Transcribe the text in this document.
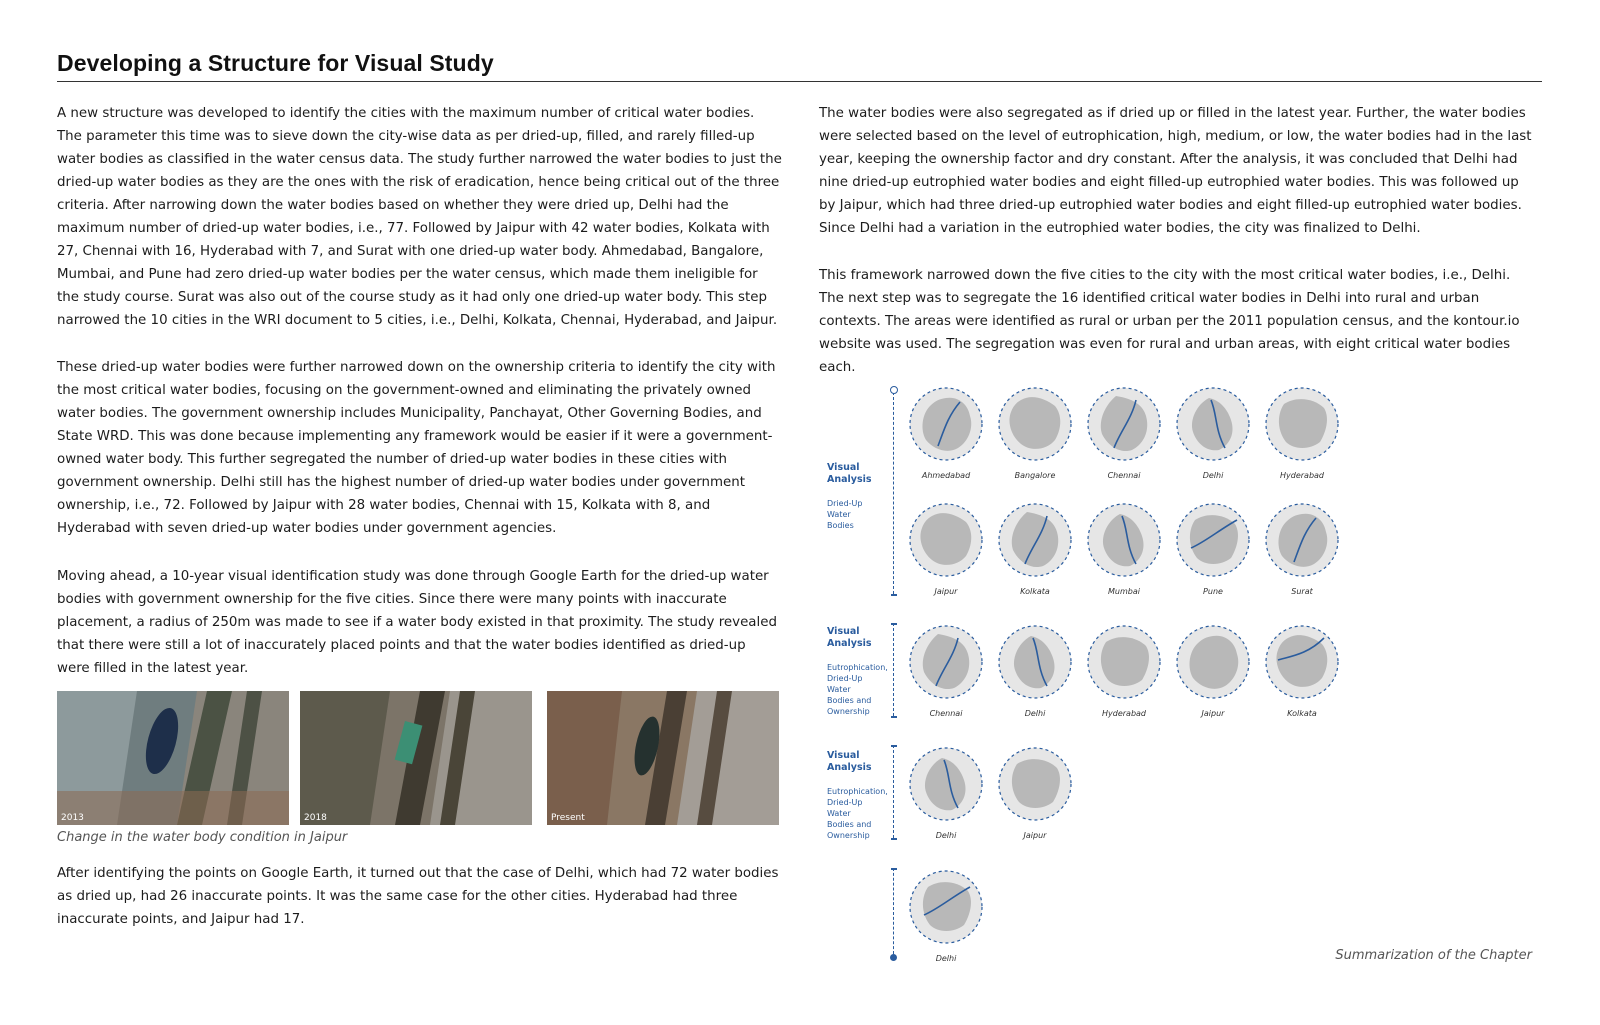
Developing a Structure for Visual Study

A new structure was developed to identify the cities with the maximum number of critical water bodies. The parameter this time was to sieve down the city-wise data as per dried-up, filled, and rarely filled-up water bodies as classified in the water census data. The study further narrowed the water bodies to just the dried-up water bodies as they are the ones with the risk of eradication, hence being critical out of the three criteria. After narrowing down the water bodies based on whether they were dried up, Delhi had the maximum number of dried-up water bodies, i.e., 77. Followed by Jaipur with 42 water bodies, Kolkata with 27, Chennai with 16, Hyderabad with 7, and Surat with one dried-up water body. Ahmedabad, Bangalore, Mumbai, and Pune had zero dried-up water bodies per the water census, which made them ineligible for the study course. Surat was also out of the course study as it had only one dried-up water body. This step narrowed the 10 cities in the WRI document to 5 cities, i.e., Delhi, Kolkata, Chennai, Hyderabad, and Jaipur.

These dried-up water bodies were further narrowed down on the ownership criteria to identify the city with the most critical water bodies, focusing on the government-owned and eliminating the privately owned water bodies. The government ownership includes Municipality, Panchayat, Other Governing Bodies, and State WRD. This was done because implementing any framework would be easier if it were a government-owned water body. This further segregated the number of dried-up water bodies in these cities with government ownership. Delhi still has the highest number of dried-up water bodies under government ownership, i.e., 72. Followed by Jaipur with 28 water bodies, Chennai with 15, Kolkata with 8, and Hyderabad with seven dried-up water bodies under government agencies.

Moving ahead, a 10-year visual identification study was done through Google Earth for the dried-up water bodies with government ownership for the five cities. Since there were many points with inaccurate placement, a radius of 250m was made to see if a water body existed in that proximity. The study revealed that there were still a lot of inaccurately placed points and that the water bodies identified as dried-up were filled in the latest year.

2013	2018	Present
Change in the water body condition in Jaipur

After identifying the points on Google Earth, it turned out that the case of Delhi, which had 72 water bodies as dried up, had 26 inaccurate points. It was the same case for the other cities. Hyderabad had three inaccurate points, and Jaipur had 17.

The water bodies were also segregated as if dried up or filled in the latest year. Further, the water bodies were selected based on the level of eutrophication, high, medium, or low, the water bodies had in the last year, keeping the ownership factor and dry constant. After the analysis, it was concluded that Delhi had nine dried-up eutrophied water bodies and eight filled-up eutrophied water bodies. This was followed up by Jaipur, which had three dried-up eutrophied water bodies and eight filled-up eutrophied water bodies. Since Delhi had a variation in the eutrophied water bodies, the city was finalized to Delhi.

This framework narrowed down the five cities to the city with the most critical water bodies, i.e., Delhi. The next step was to segregate the 16 identified critical water bodies in Delhi into rural and urban contexts. The areas were identified as rural or urban per the 2011 population census, and the kontour.io website was used. The segregation was even for rural and urban areas, with eight critical water bodies each.

Visual
Analysis
Dried-Up
Water
Bodies
Visual
Analysis
Eutrophication,
Dried-Up
Water
Bodies and
Ownership
Visual
Analysis
Eutrophication,
Dried-Up
Water
Bodies and
Ownership
Ahmedabad	Bangalore	Chennai	Delhi	Hyderabad
Jaipur	Kolkata	Mumbai	Pune	Surat
Chennai	Delhi	Hyderabad	Jaipur	Kolkata
Delhi	Jaipur
Delhi	Summarization of the Chapter
